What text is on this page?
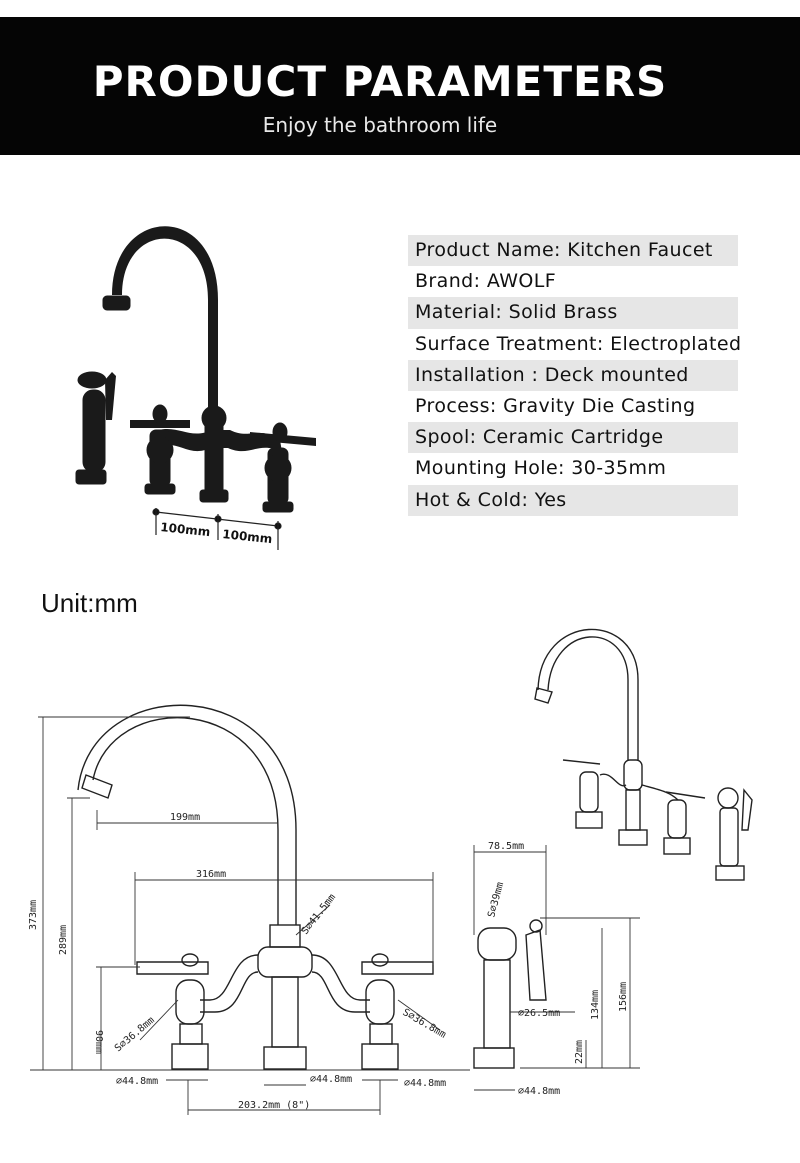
PRODUCT PARAMETERS
Enjoy the bathroom life
Product Name: Kitchen Faucet
Brand: AWOLF
Material: Solid Brass
Surface Treatment: Electroplated
Installation : Deck mounted
Process: Gravity Die Casting
Spool: Ceramic Cartridge
Mounting Hole: 30-35mm
Hot & Cold: Yes
Unit:mm
100mm 100mm
373mm
289mm
90mm
199mm
316mm
S∅41.5mm
S∅36.8mm	S∅36.8mm
∅44.8mm	∅44.8mm	∅44.8mm
203.2mm (8")
78.5mm
S∅39mm
∅26.5mm	134mm 156mm
22mm
∅44.8mm
